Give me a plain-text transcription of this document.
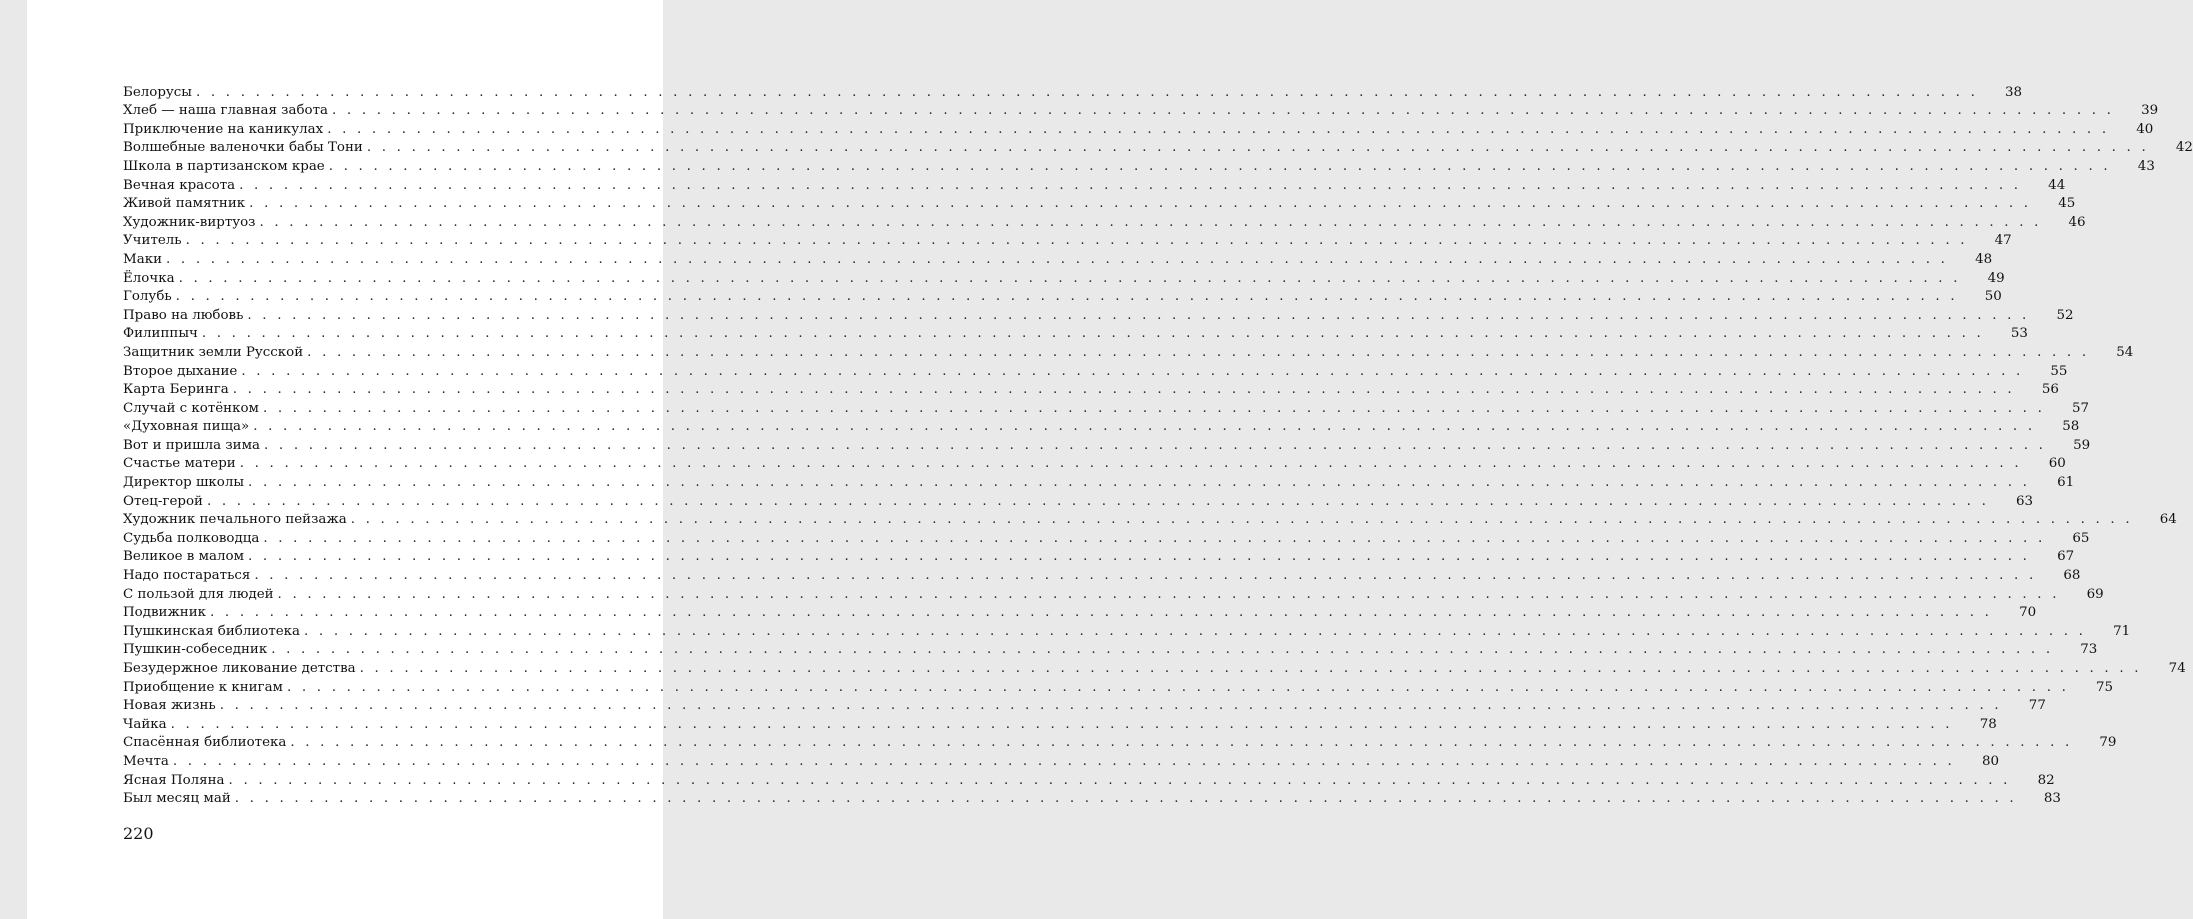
Белорусы . . . . . . . . . . . . . . . . . . . . . . . . . . . . . . . . . . . . . . . . . . . . . . . . . . . . . . . . . . . . . . . . . . . . . . . . . . . . . . . . . . . . . . . . . . . . . . . . . . . . . . . . . . . . . . . . . . . . . . . .	38
Хлеб — наша главная забота . . . . . . . . . . . . . . . . . . . . . . . . . . . . . . . . . . . . . . . . . . . . . . . . . . . . . . . . . . . . . . . . . . . . . . . . . . . . . . . . . . . . . . . . . . . . . . . . . . . . . . . . . . . . . . . . . . . . . . . .	39
Приключение на каникулах . . . . . . . . . . . . . . . . . . . . . . . . . . . . . . . . . . . . . . . . . . . . . . . . . . . . . . . . . . . . . . . . . . . . . . . . . . . . . . . . . . . . . . . . . . . . . . . . . . . . . . . . . . . . . . . . . . . . . . . .	40
Волшебные валеночки бабы Тони . . . . . . . . . . . . . . . . . . . . . . . . . . . . . . . . . . . . . . . . . . . . . . . . . . . . . . . . . . . . . . . . . . . . . . . . . . . . . . . . . . . . . . . . . . . . . . . . . . . . . . . . . . . . . . . . . . . . . . . .	42
Школа в партизанском крае . . . . . . . . . . . . . . . . . . . . . . . . . . . . . . . . . . . . . . . . . . . . . . . . . . . . . . . . . . . . . . . . . . . . . . . . . . . . . . . . . . . . . . . . . . . . . . . . . . . . . . . . . . . . . . . . . . . . . . . .	43
Вечная красота . . . . . . . . . . . . . . . . . . . . . . . . . . . . . . . . . . . . . . . . . . . . . . . . . . . . . . . . . . . . . . . . . . . . . . . . . . . . . . . . . . . . . . . . . . . . . . . . . . . . . . . . . . . . . . . . . . . . . . . .	44
Живой памятник . . . . . . . . . . . . . . . . . . . . . . . . . . . . . . . . . . . . . . . . . . . . . . . . . . . . . . . . . . . . . . . . . . . . . . . . . . . . . . . . . . . . . . . . . . . . . . . . . . . . . . . . . . . . . . . . . . . . . . . .	45
Художник-виртуоз . . . . . . . . . . . . . . . . . . . . . . . . . . . . . . . . . . . . . . . . . . . . . . . . . . . . . . . . . . . . . . . . . . . . . . . . . . . . . . . . . . . . . . . . . . . . . . . . . . . . . . . . . . . . . . . . . . . . . . . .	46
Учитель . . . . . . . . . . . . . . . . . . . . . . . . . . . . . . . . . . . . . . . . . . . . . . . . . . . . . . . . . . . . . . . . . . . . . . . . . . . . . . . . . . . . . . . . . . . . . . . . . . . . . . . . . . . . . . . . . . . . . . . .	47
Маки . . . . . . . . . . . . . . . . . . . . . . . . . . . . . . . . . . . . . . . . . . . . . . . . . . . . . . . . . . . . . . . . . . . . . . . . . . . . . . . . . . . . . . . . . . . . . . . . . . . . . . . . . . . . . . . . . . . . . . . .	48
Ёлочка . . . . . . . . . . . . . . . . . . . . . . . . . . . . . . . . . . . . . . . . . . . . . . . . . . . . . . . . . . . . . . . . . . . . . . . . . . . . . . . . . . . . . . . . . . . . . . . . . . . . . . . . . . . . . . . . . . . . . . . .	49
Голубь . . . . . . . . . . . . . . . . . . . . . . . . . . . . . . . . . . . . . . . . . . . . . . . . . . . . . . . . . . . . . . . . . . . . . . . . . . . . . . . . . . . . . . . . . . . . . . . . . . . . . . . . . . . . . . . . . . . . . . . .	50
Право на любовь . . . . . . . . . . . . . . . . . . . . . . . . . . . . . . . . . . . . . . . . . . . . . . . . . . . . . . . . . . . . . . . . . . . . . . . . . . . . . . . . . . . . . . . . . . . . . . . . . . . . . . . . . . . . . . . . . . . . . . . .	52
Филиппыч . . . . . . . . . . . . . . . . . . . . . . . . . . . . . . . . . . . . . . . . . . . . . . . . . . . . . . . . . . . . . . . . . . . . . . . . . . . . . . . . . . . . . . . . . . . . . . . . . . . . . . . . . . . . . . . . . . . . . . . .	53
Защитник земли Русской . . . . . . . . . . . . . . . . . . . . . . . . . . . . . . . . . . . . . . . . . . . . . . . . . . . . . . . . . . . . . . . . . . . . . . . . . . . . . . . . . . . . . . . . . . . . . . . . . . . . . . . . . . . . . . . . . . . . . . . .	54
Второе дыхание . . . . . . . . . . . . . . . . . . . . . . . . . . . . . . . . . . . . . . . . . . . . . . . . . . . . . . . . . . . . . . . . . . . . . . . . . . . . . . . . . . . . . . . . . . . . . . . . . . . . . . . . . . . . . . . . . . . . . . . .	55
Карта Беринга . . . . . . . . . . . . . . . . . . . . . . . . . . . . . . . . . . . . . . . . . . . . . . . . . . . . . . . . . . . . . . . . . . . . . . . . . . . . . . . . . . . . . . . . . . . . . . . . . . . . . . . . . . . . . . . . . . . . . . . .	56
Случай с котёнком . . . . . . . . . . . . . . . . . . . . . . . . . . . . . . . . . . . . . . . . . . . . . . . . . . . . . . . . . . . . . . . . . . . . . . . . . . . . . . . . . . . . . . . . . . . . . . . . . . . . . . . . . . . . . . . . . . . . . . . .	57
«Духовная пища» . . . . . . . . . . . . . . . . . . . . . . . . . . . . . . . . . . . . . . . . . . . . . . . . . . . . . . . . . . . . . . . . . . . . . . . . . . . . . . . . . . . . . . . . . . . . . . . . . . . . . . . . . . . . . . . . . . . . . . . .	58
Вот и пришла зима . . . . . . . . . . . . . . . . . . . . . . . . . . . . . . . . . . . . . . . . . . . . . . . . . . . . . . . . . . . . . . . . . . . . . . . . . . . . . . . . . . . . . . . . . . . . . . . . . . . . . . . . . . . . . . . . . . . . . . . .	59
Счастье матери . . . . . . . . . . . . . . . . . . . . . . . . . . . . . . . . . . . . . . . . . . . . . . . . . . . . . . . . . . . . . . . . . . . . . . . . . . . . . . . . . . . . . . . . . . . . . . . . . . . . . . . . . . . . . . . . . . . . . . . .	60
Директор школы . . . . . . . . . . . . . . . . . . . . . . . . . . . . . . . . . . . . . . . . . . . . . . . . . . . . . . . . . . . . . . . . . . . . . . . . . . . . . . . . . . . . . . . . . . . . . . . . . . . . . . . . . . . . . . . . . . . . . . . .	61
Отец-герой . . . . . . . . . . . . . . . . . . . . . . . . . . . . . . . . . . . . . . . . . . . . . . . . . . . . . . . . . . . . . . . . . . . . . . . . . . . . . . . . . . . . . . . . . . . . . . . . . . . . . . . . . . . . . . . . . . . . . . . .	63
Художник печального пейзажа . . . . . . . . . . . . . . . . . . . . . . . . . . . . . . . . . . . . . . . . . . . . . . . . . . . . . . . . . . . . . . . . . . . . . . . . . . . . . . . . . . . . . . . . . . . . . . . . . . . . . . . . . . . . . . . . . . . . . . . .	64
Судьба полководца . . . . . . . . . . . . . . . . . . . . . . . . . . . . . . . . . . . . . . . . . . . . . . . . . . . . . . . . . . . . . . . . . . . . . . . . . . . . . . . . . . . . . . . . . . . . . . . . . . . . . . . . . . . . . . . . . . . . . . . .	65
Великое в малом . . . . . . . . . . . . . . . . . . . . . . . . . . . . . . . . . . . . . . . . . . . . . . . . . . . . . . . . . . . . . . . . . . . . . . . . . . . . . . . . . . . . . . . . . . . . . . . . . . . . . . . . . . . . . . . . . . . . . . . .	67
Надо постараться . . . . . . . . . . . . . . . . . . . . . . . . . . . . . . . . . . . . . . . . . . . . . . . . . . . . . . . . . . . . . . . . . . . . . . . . . . . . . . . . . . . . . . . . . . . . . . . . . . . . . . . . . . . . . . . . . . . . . . . .	68
С пользой для людей . . . . . . . . . . . . . . . . . . . . . . . . . . . . . . . . . . . . . . . . . . . . . . . . . . . . . . . . . . . . . . . . . . . . . . . . . . . . . . . . . . . . . . . . . . . . . . . . . . . . . . . . . . . . . . . . . . . . . . . .	69
Подвижник . . . . . . . . . . . . . . . . . . . . . . . . . . . . . . . . . . . . . . . . . . . . . . . . . . . . . . . . . . . . . . . . . . . . . . . . . . . . . . . . . . . . . . . . . . . . . . . . . . . . . . . . . . . . . . . . . . . . . . . .	70
Пушкинская библиотека . . . . . . . . . . . . . . . . . . . . . . . . . . . . . . . . . . . . . . . . . . . . . . . . . . . . . . . . . . . . . . . . . . . . . . . . . . . . . . . . . . . . . . . . . . . . . . . . . . . . . . . . . . . . . . . . . . . . . . . .	71
Пушкин-собеседник . . . . . . . . . . . . . . . . . . . . . . . . . . . . . . . . . . . . . . . . . . . . . . . . . . . . . . . . . . . . . . . . . . . . . . . . . . . . . . . . . . . . . . . . . . . . . . . . . . . . . . . . . . . . . . . . . . . . . . . .	73
Безудержное ликование детства . . . . . . . . . . . . . . . . . . . . . . . . . . . . . . . . . . . . . . . . . . . . . . . . . . . . . . . . . . . . . . . . . . . . . . . . . . . . . . . . . . . . . . . . . . . . . . . . . . . . . . . . . . . . . . . . . . . . . . . .	74
Приобщение к книгам . . . . . . . . . . . . . . . . . . . . . . . . . . . . . . . . . . . . . . . . . . . . . . . . . . . . . . . . . . . . . . . . . . . . . . . . . . . . . . . . . . . . . . . . . . . . . . . . . . . . . . . . . . . . . . . . . . . . . . . .	75
Новая жизнь . . . . . . . . . . . . . . . . . . . . . . . . . . . . . . . . . . . . . . . . . . . . . . . . . . . . . . . . . . . . . . . . . . . . . . . . . . . . . . . . . . . . . . . . . . . . . . . . . . . . . . . . . . . . . . . . . . . . . . . .	77
Чайка . . . . . . . . . . . . . . . . . . . . . . . . . . . . . . . . . . . . . . . . . . . . . . . . . . . . . . . . . . . . . . . . . . . . . . . . . . . . . . . . . . . . . . . . . . . . . . . . . . . . . . . . . . . . . . . . . . . . . . . .	78
Спасённая библиотека . . . . . . . . . . . . . . . . . . . . . . . . . . . . . . . . . . . . . . . . . . . . . . . . . . . . . . . . . . . . . . . . . . . . . . . . . . . . . . . . . . . . . . . . . . . . . . . . . . . . . . . . . . . . . . . . . . . . . . . .	79
Мечта . . . . . . . . . . . . . . . . . . . . . . . . . . . . . . . . . . . . . . . . . . . . . . . . . . . . . . . . . . . . . . . . . . . . . . . . . . . . . . . . . . . . . . . . . . . . . . . . . . . . . . . . . . . . . . . . . . . . . . . .	80
Ясная Поляна . . . . . . . . . . . . . . . . . . . . . . . . . . . . . . . . . . . . . . . . . . . . . . . . . . . . . . . . . . . . . . . . . . . . . . . . . . . . . . . . . . . . . . . . . . . . . . . . . . . . . . . . . . . . . . . . . . . . . . . .	82
Был месяц май . . . . . . . . . . . . . . . . . . . . . . . . . . . . . . . . . . . . . . . . . . . . . . . . . . . . . . . . . . . . . . . . . . . . . . . . . . . . . . . . . . . . . . . . . . . . . . . . . . . . . . . . . . . . . . . . . . . . . . . .	83
220
